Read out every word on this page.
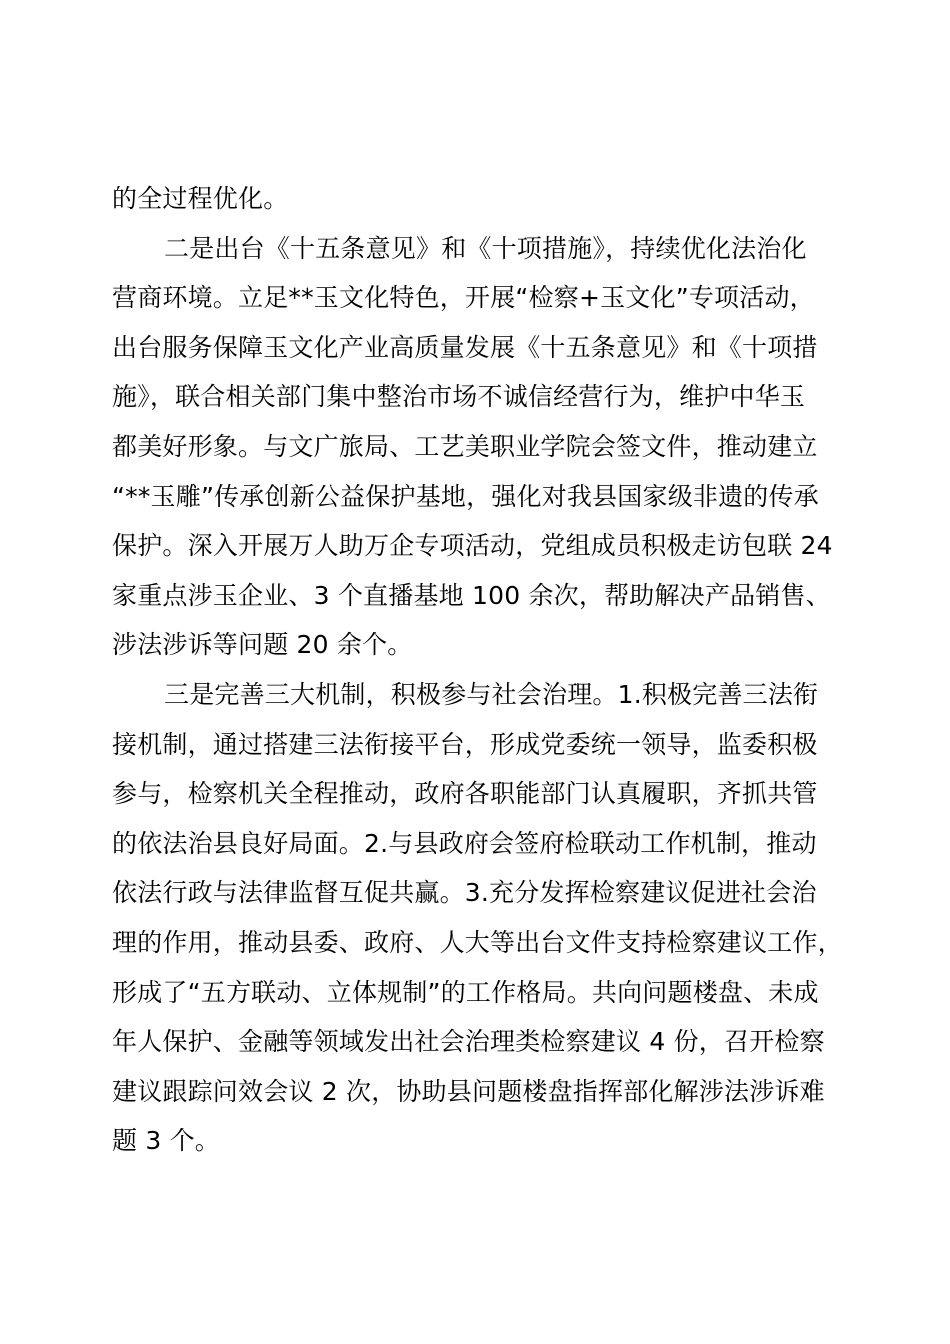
的全过程优化。
二是出台《十五条意见》和《十项措施》，持续优化法治化
营商环境。立足**玉文化特色，开展“检察+玉文化”专项活动，
出台服务保障玉文化产业高质量发展《十五条意见》和《十项措
施》，联合相关部门集中整治市场不诚信经营行为，维护中华玉
都美好形象。与文广旅局、工艺美职业学院会签文件，推动建立
“**玉雕”传承创新公益保护基地，强化对我县国家级非遗的传承
保护。深入开展万人助万企专项活动，党组成员积极走访包联 24
家重点涉玉企业、3 个直播基地 100 余次，帮助解决产品销售、
涉法涉诉等问题 20 余个。
三是完善三大机制，积极参与社会治理。1.积极完善三法衔
接机制，通过搭建三法衔接平台，形成党委统一领导，监委积极
参与，检察机关全程推动，政府各职能部门认真履职，齐抓共管
的依法治县良好局面。2.与县政府会签府检联动工作机制，推动
依法行政与法律监督互促共赢。3.充分发挥检察建议促进社会治
理的作用，推动县委、政府、人大等出台文件支持检察建议工作，
形成了“五方联动、立体规制”的工作格局。共向问题楼盘、未成
年人保护、金融等领域发出社会治理类检察建议 4 份，召开检察
建议跟踪问效会议 2 次，协助县问题楼盘指挥部化解涉法涉诉难
题 3 个。
